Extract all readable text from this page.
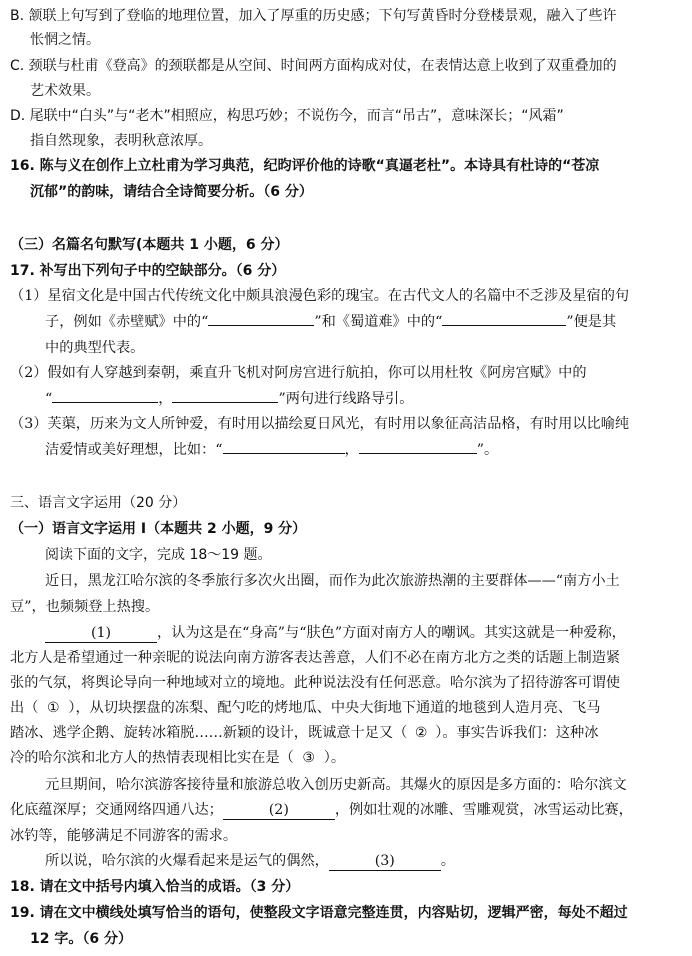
B. 颔联上句写到了登临的地理位置，加入了厚重的历史感；下句写黄昏时分登楼景观，融入了些许
怅惘之情。
C. 颈联与杜甫《登高》的颈联都是从空间、时间两方面构成对仗，在表情达意上收到了双重叠加的
艺术效果。
D. 尾联中“白头”与“老木”相照应，构思巧妙；不说伤今，而言“吊古”，意味深长；“风霜”
指自然现象，表明秋意浓厚。
16. 陈与义在创作上立杜甫为学习典范，纪昀评价他的诗歌“真逼老杜”。本诗具有杜诗的“苍凉
沉郁”的韵味，请结合全诗简要分析。（6 分）
（三）名篇名句默写(本题共 1 小题，6 分）
17. 补写出下列句子中的空缺部分。（6 分）
（1）星宿文化是中国古代传统文化中颇具浪漫色彩的瑰宝。在古代文人的名篇中不乏涉及星宿的句
子，例如《赤壁赋》中的“	”和《蜀道难》中的“	”便是其
中的典型代表。
（2）假如有人穿越到秦朝，乘直升飞机对阿房宫进行航拍，你可以用杜牧《阿房宫赋》中的
“	，	”两句进行线路导引。
（3）芙蕖，历来为文人所钟爱，有时用以描绘夏日风光，有时用以象征高洁品格，有时用以比喻纯
洁爱情或美好理想，比如：“	，	”。
三、语言文字运用（20 分）
（一）语言文字运用 Ⅰ（本题共 2 小题，9 分）
阅读下面的文字，完成 18～19 题。
近日，黑龙江哈尔滨的冬季旅行多次火出圈，而作为此次旅游热潮的主要群体——“南方小土
豆”，也频频登上热搜。
(1)	，认为这是在“身高”与“肤色”方面对南方人的嘲讽。其实这就是一种爱称，
北方人是希望通过一种亲昵的说法向南方游客表达善意，人们不必在南方北方之类的话题上制造紧
张的气氛，将舆论导向一种地域对立的境地。此种说法没有任何恶意。哈尔滨为了招待游客可谓使
出（ ① ），从切块摆盘的冻梨、配勺吃的烤地瓜、中央大街地下通道的地毯到人造月亮、飞马
踏冰、逃学企鹅、旋转冰箱脱……新颖的设计，既诚意十足又（ ② ）。事实告诉我们：这种冰
冷的哈尔滨和北方人的热情表现相比实在是（ ③ ）。
元旦期间，哈尔滨游客接待量和旅游总收入创历史新高。其爆火的原因是多方面的：哈尔滨文
化底蕴深厚；交通网络四通八达；	(2)	，例如壮观的冰雕、雪雕观赏，冰雪运动比赛，
冰钓等，能够满足不同游客的需求。
所以说，哈尔滨的火爆看起来是运气的偶然，	(3)	。
18. 请在文中括号内填入恰当的成语。（3 分）
19. 请在文中横线处填写恰当的语句，使整段文字语意完整连贯，内容贴切，逻辑严密，每处不超过
12 字。（6 分）
